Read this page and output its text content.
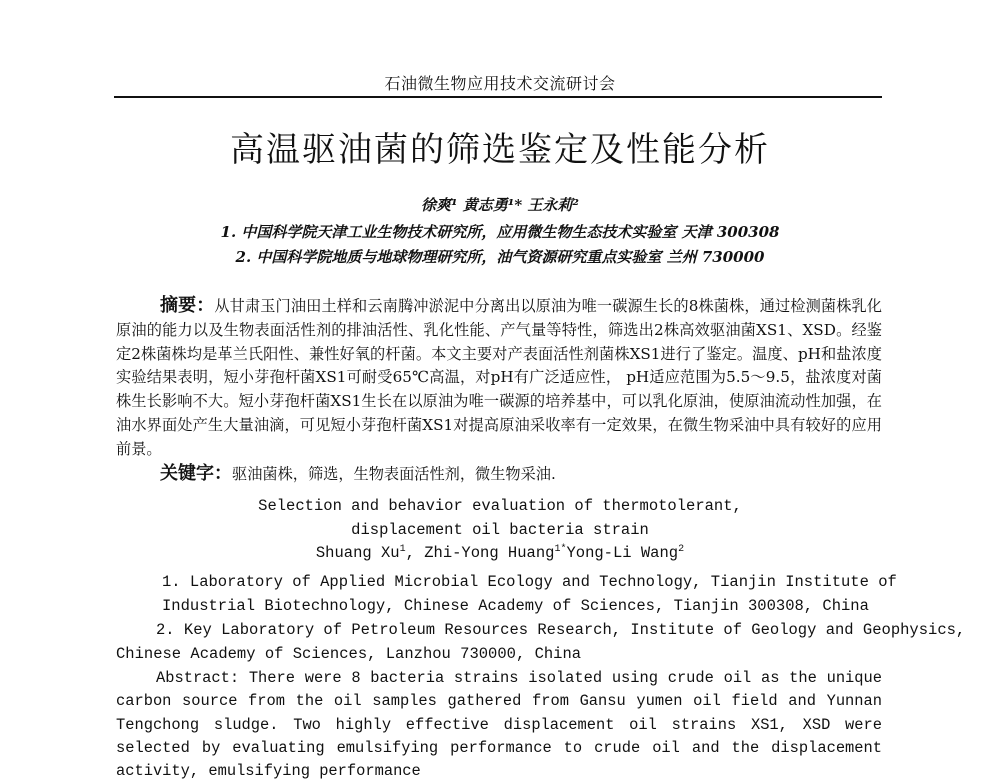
石油微生物应用技术交流研讨会
高温驱油菌的筛选鉴定及性能分析
徐爽¹ 黄志勇¹* 王永莉²
1. 中国科学院天津工业生物技术研究所，应用微生物生态技术实验室 天津 300308
2. 中国科学院地质与地球物理研究所，油气资源研究重点实验室 兰州 730000
摘要：从甘肃玉门油田土样和云南腾冲淤泥中分离出以原油为唯一碳源生长的8株菌株，通过检测菌株乳化原油的能力以及生物表面活性剂的排油活性、乳化性能、产气量等特性，筛选出2株高效驱油菌XS1、XSD。经鉴定2株菌株均是革兰氏阳性、兼性好氧的杆菌。本文主要对产表面活性剂菌株XS1进行了鉴定。温度、pH和盐浓度实验结果表明，短小芽孢杆菌XS1可耐受65℃高温，对pH有广泛适应性， pH适应范围为5.5～9.5，盐浓度对菌株生长影响不大。短小芽孢杆菌XS1生长在以原油为唯一碳源的培养基中，可以乳化原油，使原油流动性加强，在油水界面处产生大量油滴，可见短小芽孢杆菌XS1对提高原油采收率有一定效果，在微生物采油中具有较好的应用前景。
关键字：驱油菌株，筛选，生物表面活性剂，微生物采油.
Selection and behavior evaluation of thermotolerant,
displacement oil bacteria strain
Shuang Xu$^1$, Zhi-Yong Huang$^{1*}$Yong-Li Wang$^2$
1. Laboratory of Applied Microbial Ecology and Technology, Tianjin Institute of
Industrial Biotechnology, Chinese Academy of Sciences, Tianjin 300308, China
2. Key Laboratory of Petroleum Resources Research, Institute of Geology and Geophysics,
Chinese Academy of Sciences, Lanzhou 730000, China
Abstract: There were 8 bacteria strains isolated using crude oil as the unique carbon source from the oil samples gathered from Gansu yumen oil field and Yunnan Tengchong sludge. Two highly effective displacement oil strains XS1, XSD were selected by evaluating emulsifying performance to crude oil and the displacement activity, emulsifying performance
